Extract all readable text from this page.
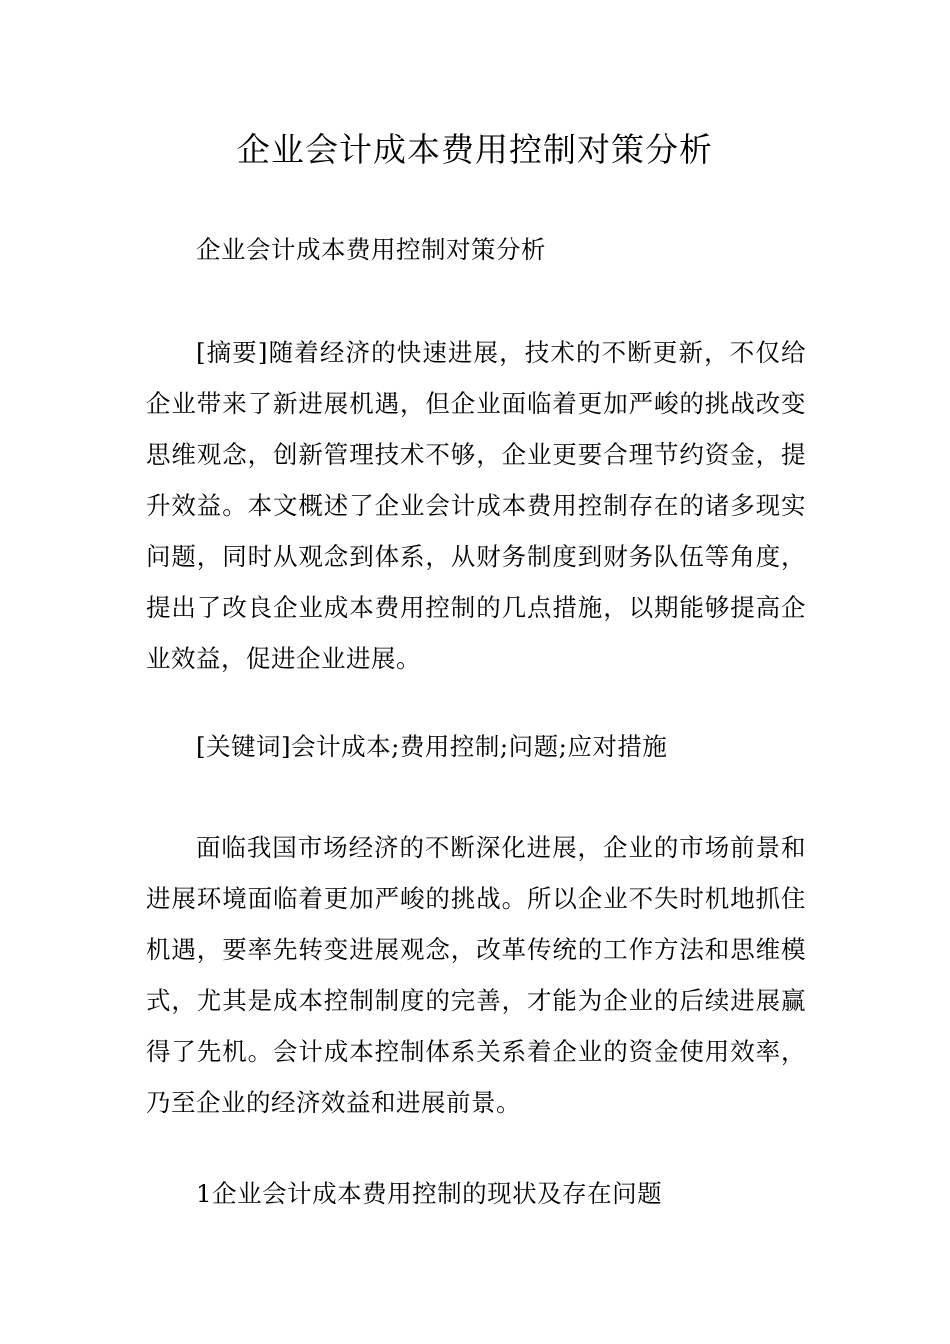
企业会计成本费用控制对策分析

企业会计成本费用控制对策分析

[摘要]随着经济的快速进展，技术的不断更新，不仅给企业带来了新进展机遇，但企业面临着更加严峻的挑战改变思维观念，创新管理技术不够，企业更要合理节约资金，提升效益。本文概述了企业会计成本费用控制存在的诸多现实问题，同时从观念到体系，从财务制度到财务队伍等角度，提出了改良企业成本费用控制的几点措施，以期能够提高企业效益，促进企业进展。

[关键词]会计成本;费用控制;问题;应对措施

面临我国市场经济的不断深化进展，企业的市场前景和进展环境面临着更加严峻的挑战。所以企业不失时机地抓住机遇，要率先转变进展观念，改革传统的工作方法和思维模式，尤其是成本控制制度的完善，才能为企业的后续进展赢得了先机。会计成本控制体系关系着企业的资金使用效率，乃至企业的经济效益和进展前景。

1企业会计成本费用控制的现状及存在问题
